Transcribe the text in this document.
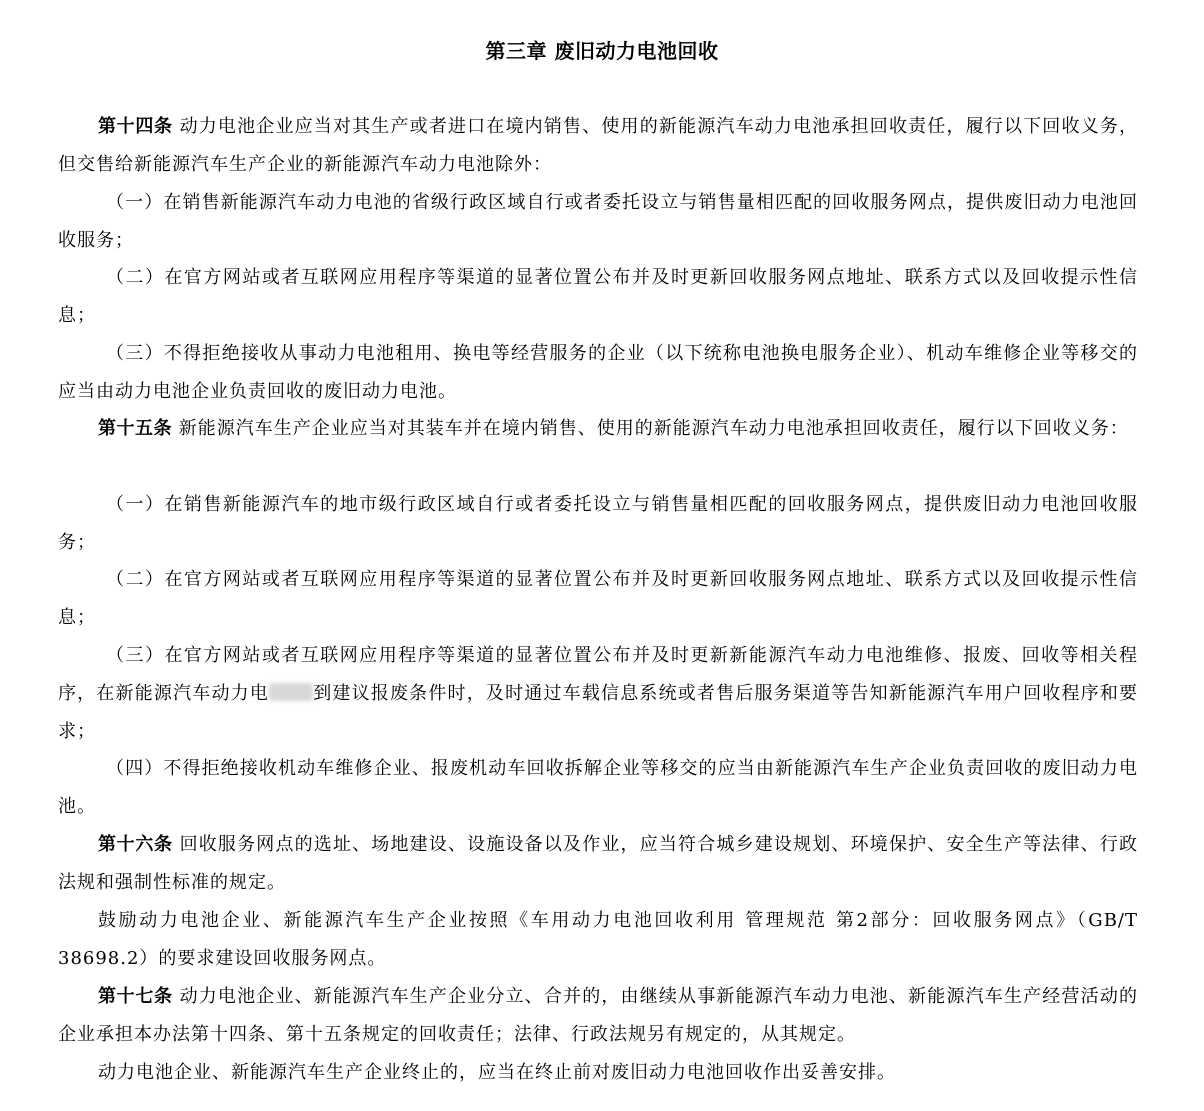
第三章 废旧动力电池回收

第十四条 动力电池企业应当对其生产或者进口在境内销售、使用的新能源汽车动力电池承担回收责任，履行以下回收义务，但交售给新能源汽车生产企业的新能源汽车动力电池除外：

（一）在销售新能源汽车动力电池的省级行政区域自行或者委托设立与销售量相匹配的回收服务网点，提供废旧动力电池回收服务；

（二）在官方网站或者互联网应用程序等渠道的显著位置公布并及时更新回收服务网点地址、联系方式以及回收提示性信息；

（三）不得拒绝接收从事动力电池租用、换电等经营服务的企业（以下统称电池换电服务企业）、机动车维修企业等移交的应当由动力电池企业负责回收的废旧动力电池。

第十五条 新能源汽车生产企业应当对其装车并在境内销售、使用的新能源汽车动力电池承担回收责任，履行以下回收义务：

（一）在销售新能源汽车的地市级行政区域自行或者委托设立与销售量相匹配的回收服务网点，提供废旧动力电池回收服务；

（二）在官方网站或者互联网应用程序等渠道的显著位置公布并及时更新回收服务网点地址、联系方式以及回收提示性信息；

（三）在官方网站或者互联网应用程序等渠道的显著位置公布并及时更新新能源汽车动力电池维修、报废、回收等相关程序，在新能源汽车动力电 到建议报废条件时，及时通过车载信息系统或者售后服务渠道等告知新能源汽车用户回收程序和要求；

（四）不得拒绝接收机动车维修企业、报废机动车回收拆解企业等移交的应当由新能源汽车生产企业负责回收的废旧动力电池。

第十六条 回收服务网点的选址、场地建设、设施设备以及作业，应当符合城乡建设规划、环境保护、安全生产等法律、行政法规和强制性标准的规定。

鼓励动力电池企业、新能源汽车生产企业按照《车用动力电池回收利用 管理规范 第2部分：回收服务网点》（GB/T 38698.2）的要求建设回收服务网点。

第十七条 动力电池企业、新能源汽车生产企业分立、合并的，由继续从事新能源汽车动力电池、新能源汽车生产经营活动的企业承担本办法第十四条、第十五条规定的回收责任；法律、行政法规另有规定的，从其规定。

动力电池企业、新能源汽车生产企业终止的，应当在终止前对废旧动力电池回收作出妥善安排。
